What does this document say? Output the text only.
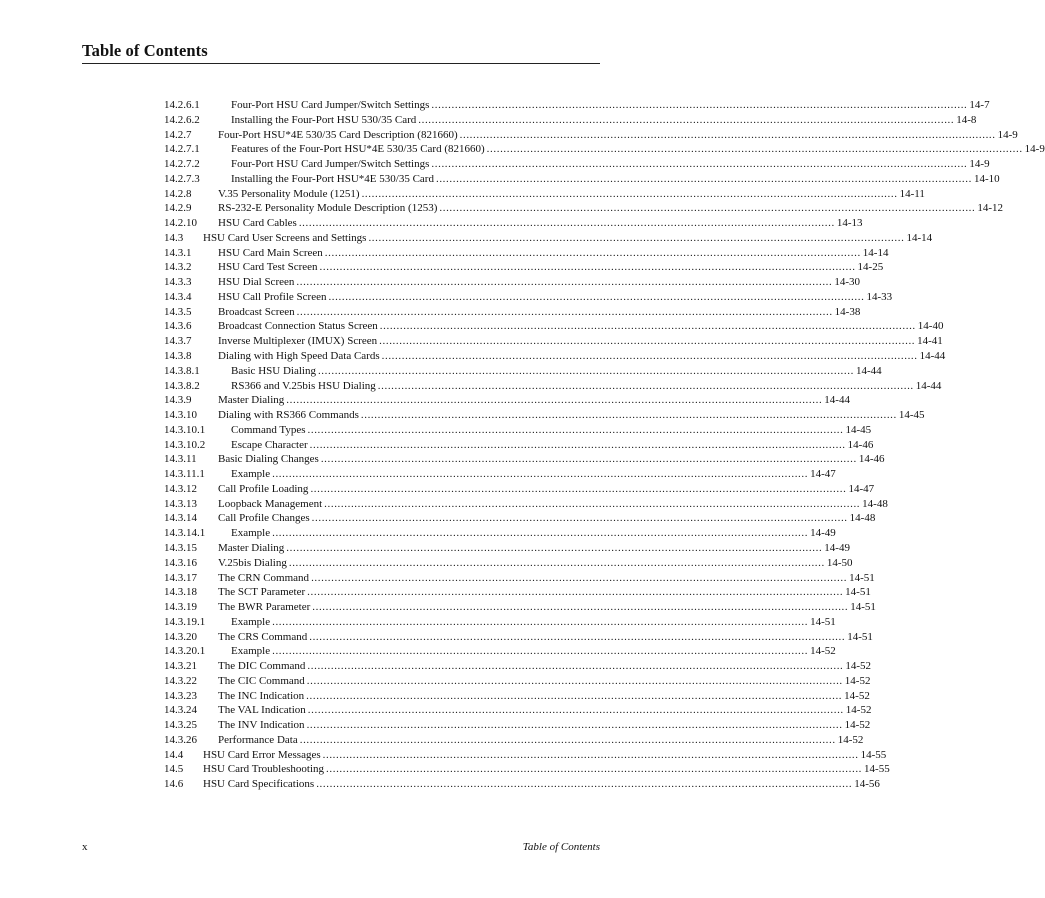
Table of Contents
14.2.6.1	Four-Port HSU Card Jumper/Switch Settings ................................................................................................................................................................ 14-7
14.2.6.2	Installing the Four-Port HSU 530/35 Card ................................................................................................................................................................ 14-8
14.2.7 Four-Port HSU*4E 530/35 Card Description (821660) ................................................................................................................................................................ 14-9
14.2.7.1	Features of the Four-Port HSU*4E 530/35 Card (821660) ................................................................................................................................................................ 14-9
14.2.7.2	Four-Port HSU Card Jumper/Switch Settings ................................................................................................................................................................ 14-9
14.2.7.3	Installing the Four-Port HSU*4E 530/35 Card ................................................................................................................................................................ 14-10
14.2.8 V.35 Personality Module (1251) ................................................................................................................................................................ 14-11
14.2.9 RS-232-E Personality Module Description (1253) ................................................................................................................................................................ 14-12
14.2.10 HSU Card Cables ................................................................................................................................................................ 14-13
14.3 HSU Card User Screens and Settings ................................................................................................................................................................ 14-14
14.3.1 HSU Card Main Screen ................................................................................................................................................................ 14-14
14.3.2 HSU Card Test Screen ................................................................................................................................................................ 14-25
14.3.3 HSU Dial Screen ................................................................................................................................................................ 14-30
14.3.4 HSU Call Profile Screen ................................................................................................................................................................ 14-33
14.3.5 Broadcast Screen ................................................................................................................................................................ 14-38
14.3.6 Broadcast Connection Status Screen ................................................................................................................................................................ 14-40
14.3.7 Inverse Multiplexer (IMUX) Screen ................................................................................................................................................................ 14-41
14.3.8 Dialing with High Speed Data Cards ................................................................................................................................................................ 14-44
14.3.8.1	Basic HSU Dialing ................................................................................................................................................................ 14-44
14.3.8.2	RS366 and V.25bis HSU Dialing ................................................................................................................................................................ 14-44
14.3.9 Master Dialing ................................................................................................................................................................ 14-44
14.3.10 Dialing with RS366 Commands ................................................................................................................................................................ 14-45
14.3.10.1 Command Types ................................................................................................................................................................ 14-45
14.3.10.2 Escape Character ................................................................................................................................................................ 14-46
14.3.11 Basic Dialing Changes ................................................................................................................................................................ 14-46
14.3.11.1 Example ................................................................................................................................................................ 14-47
14.3.12 Call Profile Loading ................................................................................................................................................................ 14-47
14.3.13 Loopback Management ................................................................................................................................................................ 14-48
14.3.14 Call Profile Changes ................................................................................................................................................................ 14-48
14.3.14.1 Example ................................................................................................................................................................ 14-49
14.3.15 Master Dialing ................................................................................................................................................................ 14-49
14.3.16 V.25bis Dialing ................................................................................................................................................................ 14-50
14.3.17 The CRN Command ................................................................................................................................................................ 14-51
14.3.18 The SCT Parameter ................................................................................................................................................................ 14-51
14.3.19 The BWR Parameter ................................................................................................................................................................ 14-51
14.3.19.1 Example ................................................................................................................................................................ 14-51
14.3.20 The CRS Command ................................................................................................................................................................ 14-51
14.3.20.1 Example ................................................................................................................................................................ 14-52
14.3.21 The DIC Command ................................................................................................................................................................ 14-52
14.3.22 The CIC Command ................................................................................................................................................................ 14-52
14.3.23 The INC Indication ................................................................................................................................................................ 14-52
14.3.24 The VAL Indication ................................................................................................................................................................ 14-52
14.3.25 The INV Indication ................................................................................................................................................................ 14-52
14.3.26 Performance Data ................................................................................................................................................................ 14-52
14.4 HSU Card Error Messages ................................................................................................................................................................ 14-55
14.5 HSU Card Troubleshooting ................................................................................................................................................................ 14-55
14.6 HSU Card Specifications ................................................................................................................................................................ 14-56
x	Table of Contents
